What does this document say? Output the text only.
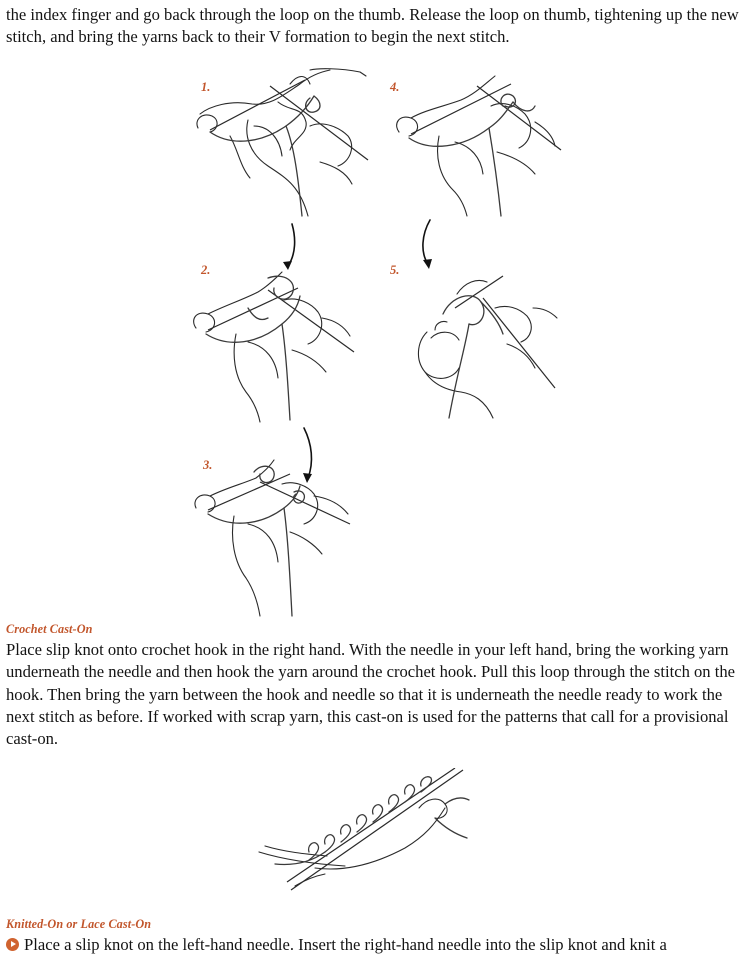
the index finger and go back through the loop on the thumb. Release the loop on thumb, tightening up the new stitch, and bring the yarns back to their V formation to begin the next stitch.

1.	4.
2.	5.
3.

Crochet Cast-On

Place slip knot onto crochet hook in the right hand. With the needle in your left hand, bring the working yarn underneath the needle and then hook the yarn around the crochet hook. Pull this loop through the stitch on the hook. Then bring the yarn between the hook and needle so that it is underneath the needle ready to work the next stitch as before. If worked with scrap yarn, this cast-on is used for the patterns that call for a provisional cast-on.

Knitted-On or Lace Cast-On

Place a slip knot on the left-hand needle. Insert the right-hand needle into the slip knot and knit a
